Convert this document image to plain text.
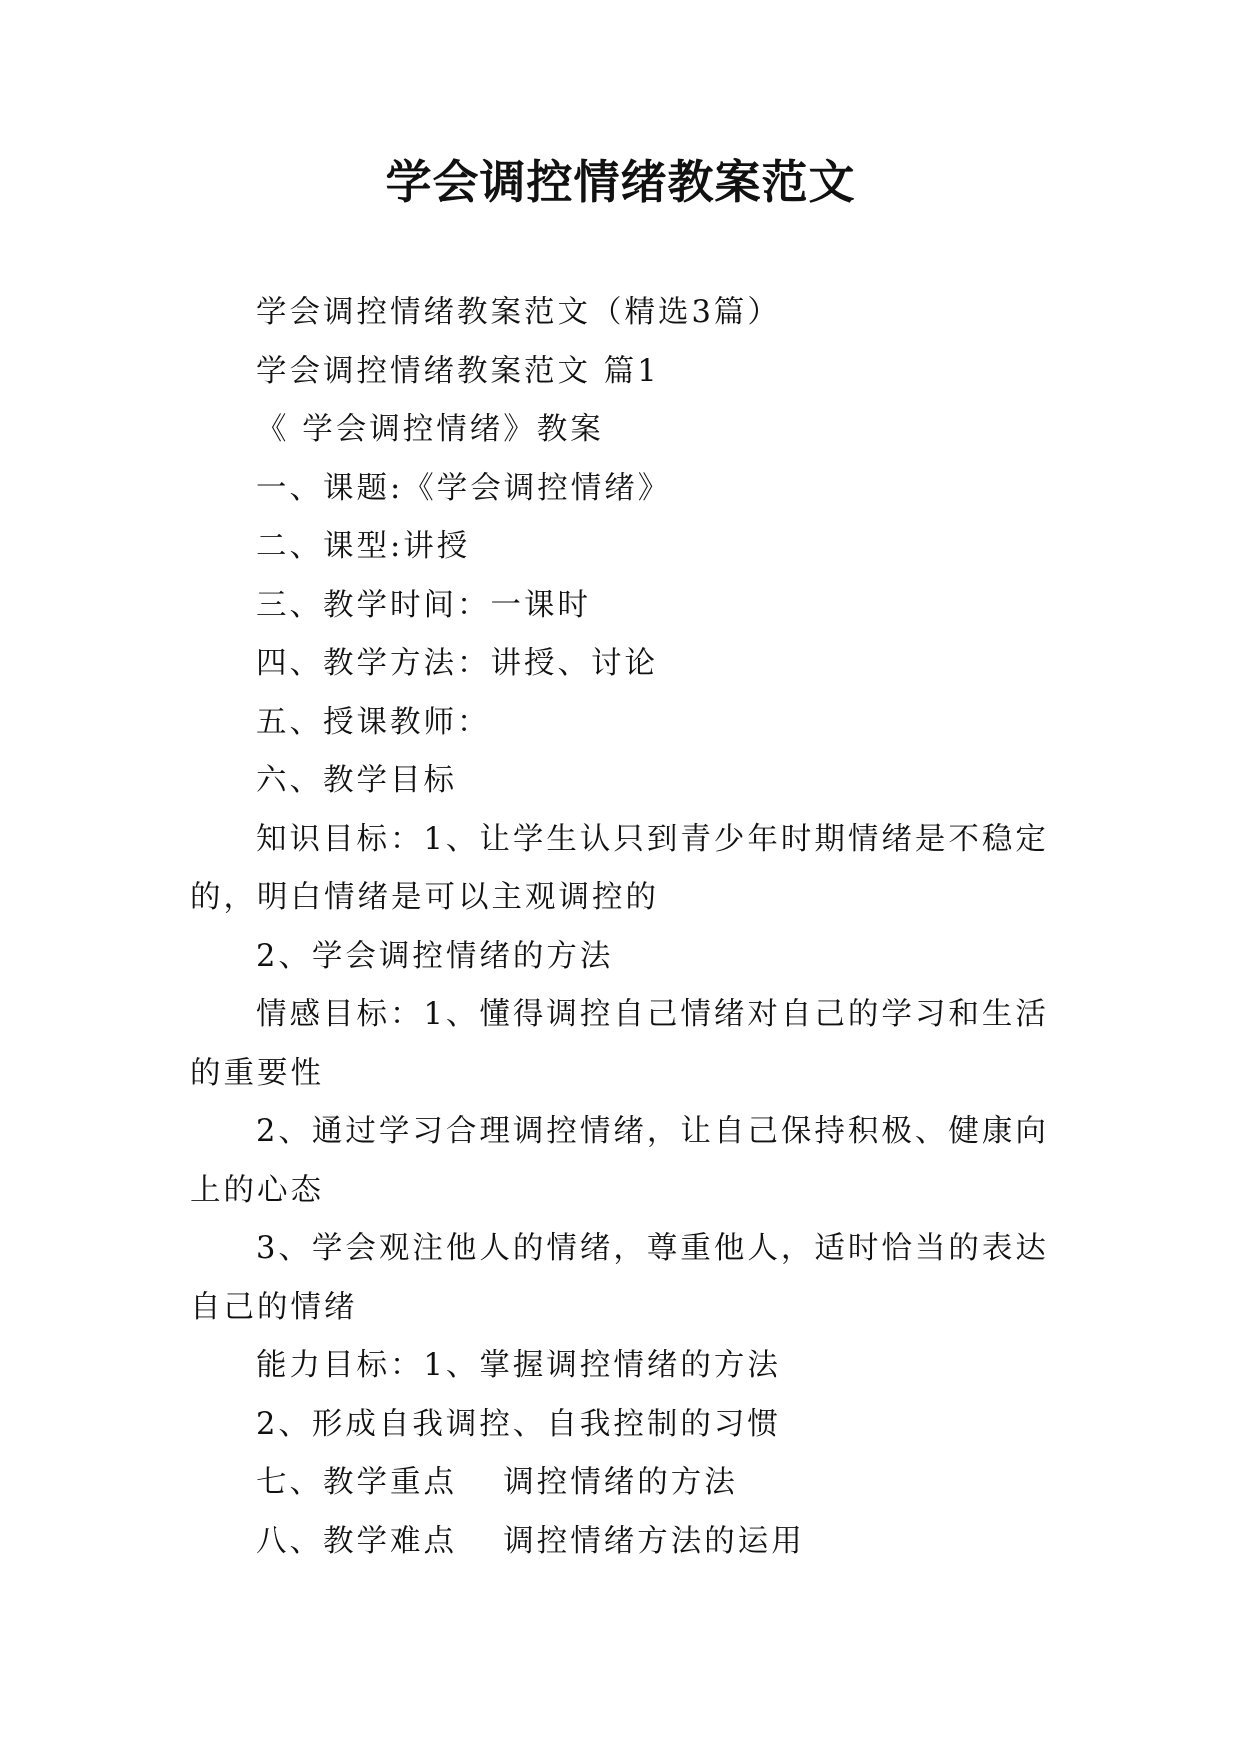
学会调控情绪教案范文

学会调控情绪教案范文（精选3篇）

学会调控情绪教案范文 篇1

《 学会调控情绪》教案

一、课题:《学会调控情绪》

二、课型:讲授

三、教学时间：一课时

四、教学方法：讲授、讨论

五、授课教师：

六、教学目标

知识目标：1、让学生认只到青少年时期情绪是不稳定的，明白情绪是可以主观调控的

2、学会调控情绪的方法

情感目标：1、懂得调控自己情绪对自己的学习和生活的重要性

2、通过学习合理调控情绪，让自己保持积极、健康向上的心态

3、学会观注他人的情绪，尊重他人，适时恰当的表达自己的情绪

能力目标：1、掌握调控情绪的方法

2、形成自我调控、自我控制的习惯

七、教学重点　 调控情绪的方法

八、教学难点　 调控情绪方法的运用
